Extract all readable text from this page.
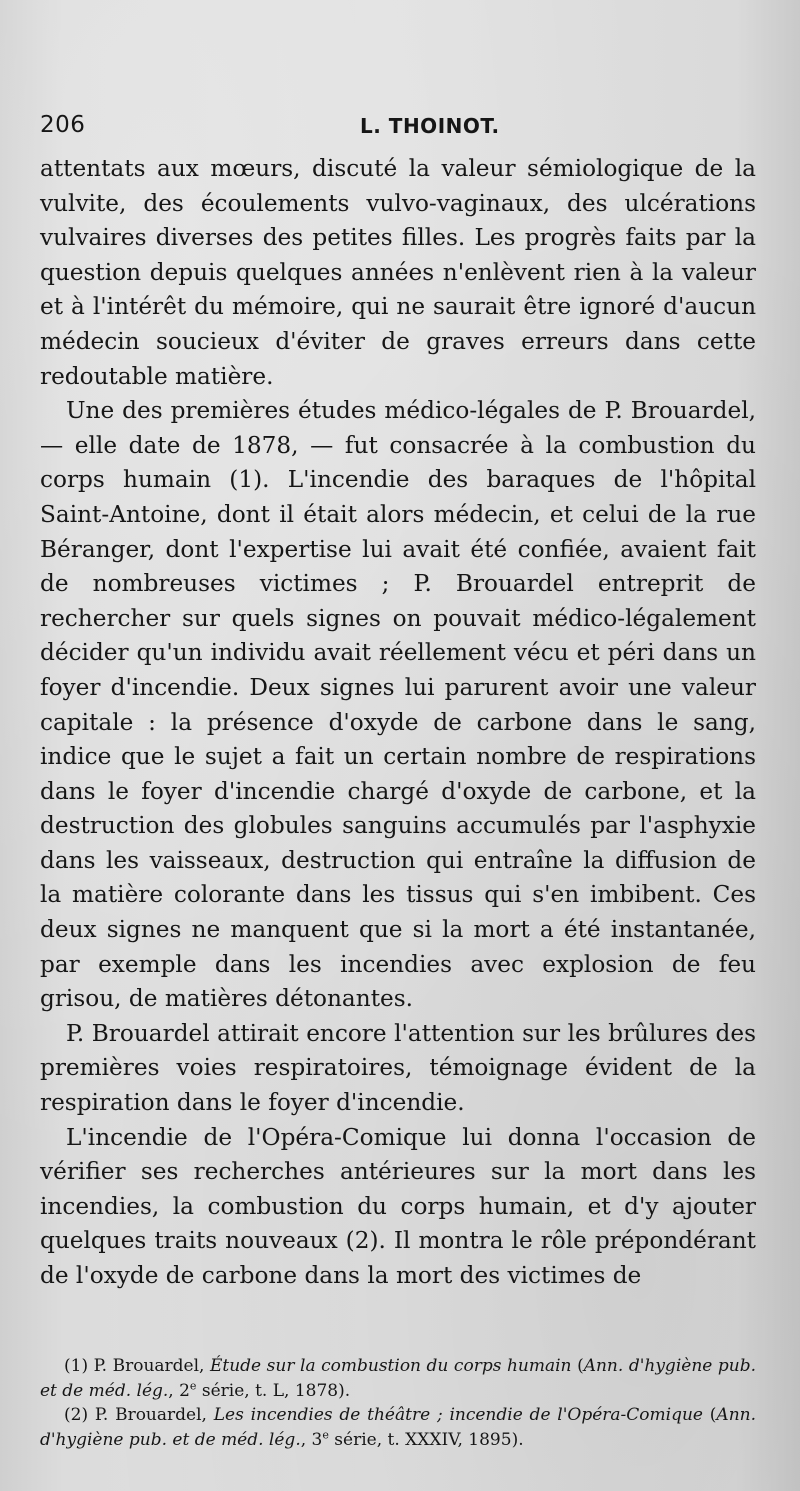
206	L. THOINOT.

attentats aux mœurs, discuté la valeur sémiologique de la vulvite, des écoulements vulvo-vaginaux, des ulcérations vulvaires diverses des petites filles. Les progrès faits par la question depuis quelques années n'enlèvent rien à la valeur et à l'intérêt du mémoire, qui ne saurait être ignoré d'aucun médecin soucieux d'éviter de graves erreurs dans cette redoutable matière.

Une des premières études médico-légales de P. Brouardel, — elle date de 1878, — fut consacrée à la combustion du corps humain (1). L'incendie des baraques de l'hôpital Saint-Antoine, dont il était alors médecin, et celui de la rue Béranger, dont l'expertise lui avait été confiée, avaient fait de nombreuses victimes ; P. Brouardel entreprit de rechercher sur quels signes on pouvait médico-légalement décider qu'un individu avait réellement vécu et péri dans un foyer d'incendie. Deux signes lui parurent avoir une valeur capitale : la présence d'oxyde de carbone dans le sang, indice que le sujet a fait un certain nombre de respirations dans le foyer d'incendie chargé d'oxyde de carbone, et la destruction des globules sanguins accumulés par l'asphyxie dans les vaisseaux, destruction qui entraîne la diffusion de la matière colorante dans les tissus qui s'en imbibent. Ces deux signes ne manquent que si la mort a été instantanée, par exemple dans les incendies avec explosion de feu grisou, de matières détonantes.

P. Brouardel attirait encore l'attention sur les brûlures des premières voies respiratoires, témoignage évident de la respiration dans le foyer d'incendie.

L'incendie de l'Opéra-Comique lui donna l'occasion de vérifier ses recherches antérieures sur la mort dans les incendies, la combustion du corps humain, et d'y ajouter quelques traits nouveaux (2). Il montra le rôle prépondérant de l'oxyde de carbone dans la mort des victimes de

(1) P. Brouardel, Étude sur la combustion du corps humain (Ann. d'hygiène pub. et de méd. lég., 2e série, t. L, 1878).

(2) P. Brouardel, Les incendies de théâtre ; incendie de l'Opéra-Comique (Ann. d'hygiène pub. et de méd. lég., 3e série, t. XXXIV, 1895).
